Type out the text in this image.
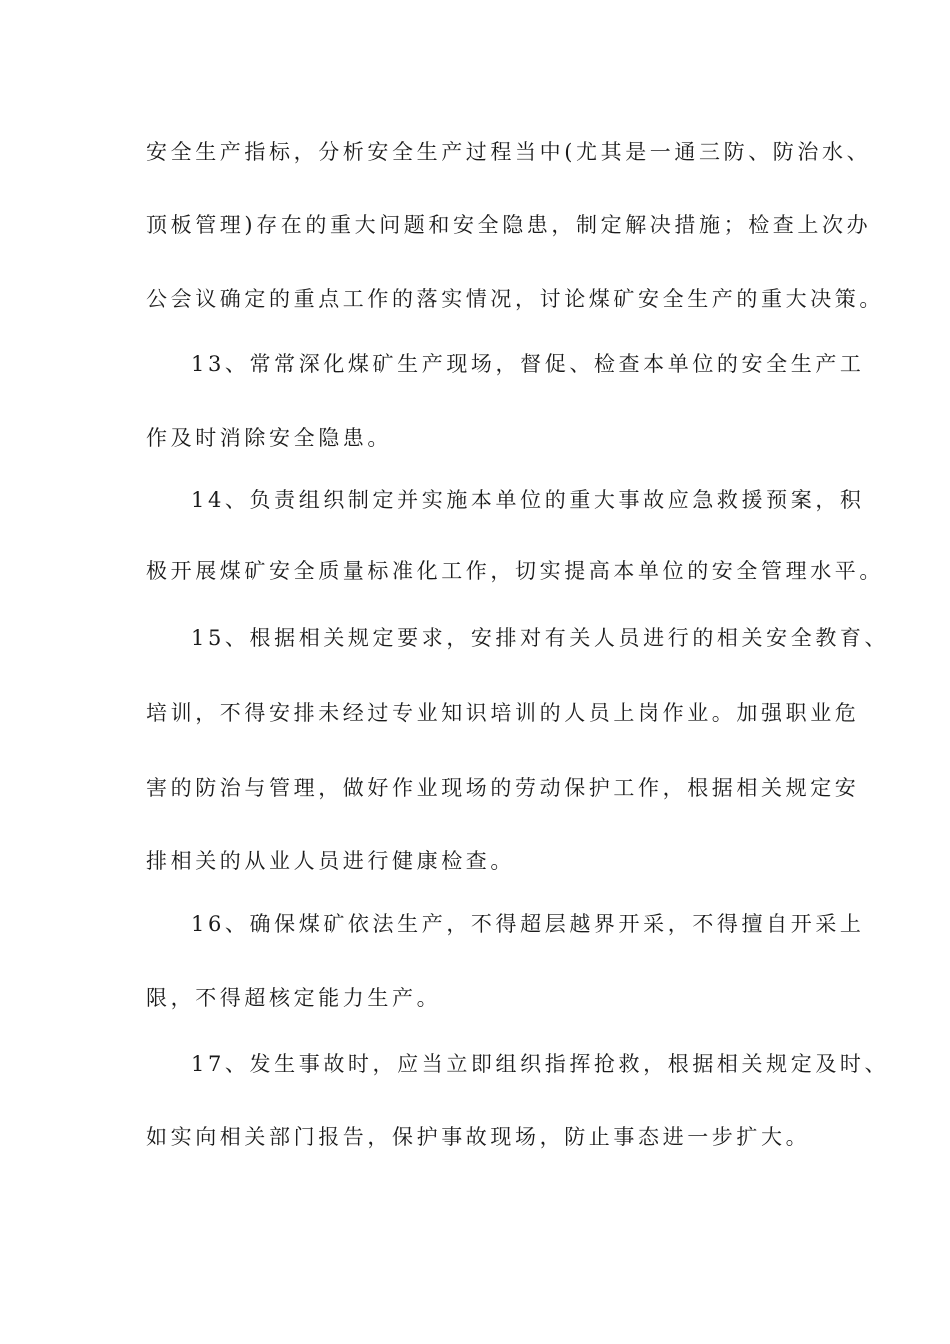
安全生产指标，分析安全生产过程当中(尤其是一通三防、防治水、
顶板管理)存在的重大问题和安全隐患，制定解决措施；检查上次办
公会议确定的重点工作的落实情况，讨论煤矿安全生产的重大决策。
13、常常深化煤矿生产现场，督促、检查本单位的安全生产工
作及时消除安全隐患。
14、负责组织制定并实施本单位的重大事故应急救援预案，积
极开展煤矿安全质量标准化工作，切实提高本单位的安全管理水平。
15、根据相关规定要求，安排对有关人员进行的相关安全教育、
培训，不得安排未经过专业知识培训的人员上岗作业。加强职业危
害的防治与管理，做好作业现场的劳动保护工作，根据相关规定安
排相关的从业人员进行健康检查。
16、确保煤矿依法生产，不得超层越界开采，不得擅自开采上
限，不得超核定能力生产。
17、发生事故时，应当立即组织指挥抢救，根据相关规定及时、
如实向相关部门报告，保护事故现场，防止事态进一步扩大。
